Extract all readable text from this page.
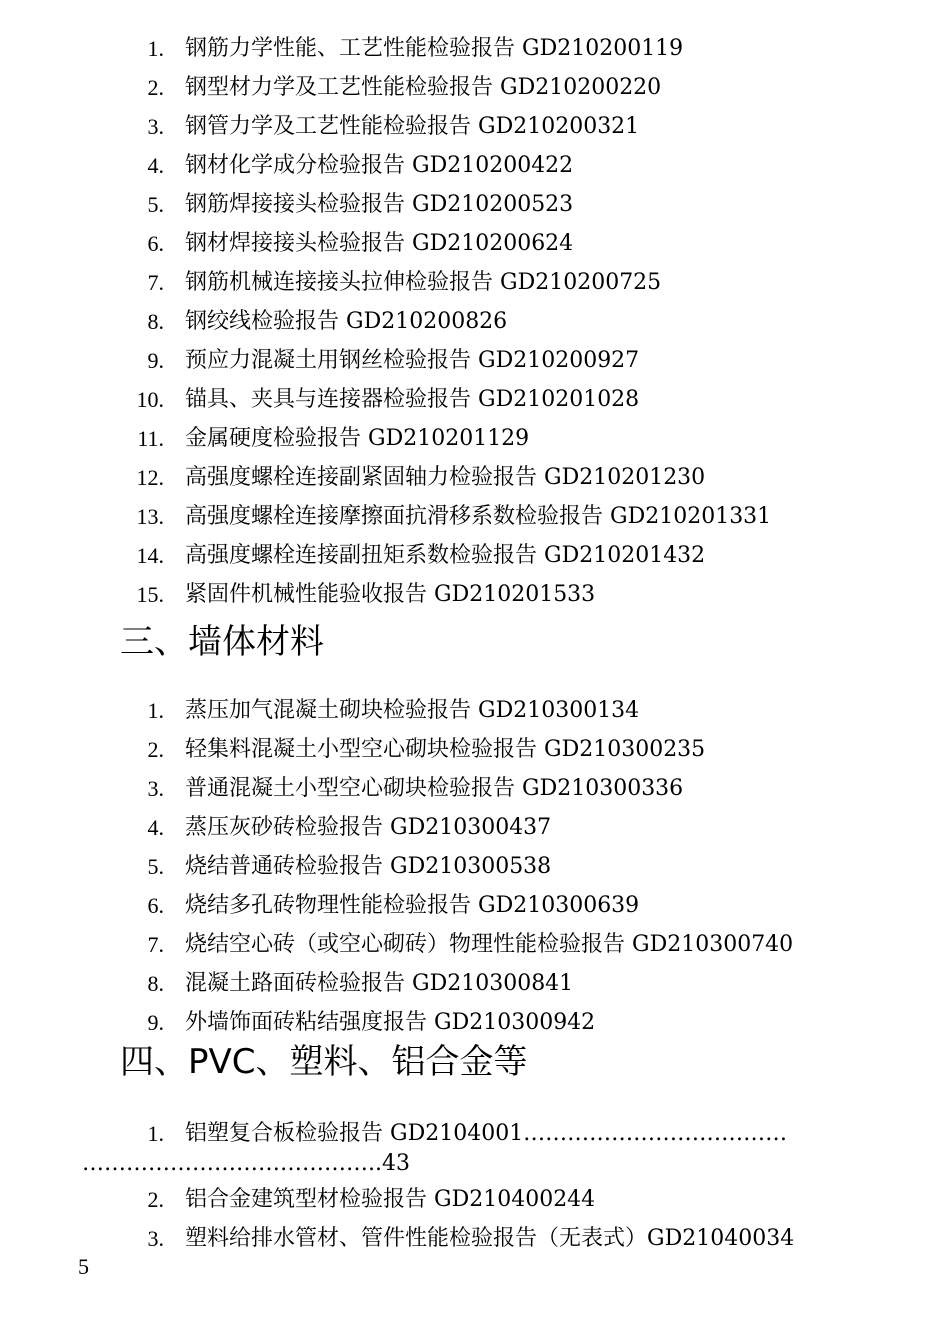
1. 钢筋力学性能、工艺性能检验报告 GD210200119
2. 钢型材力学及工艺性能检验报告 GD210200220
3. 钢管力学及工艺性能检验报告 GD210200321
4. 钢材化学成分检验报告 GD210200422
5. 钢筋焊接接头检验报告 GD210200523
6. 钢材焊接接头检验报告 GD210200624
7. 钢筋机械连接接头拉伸检验报告 GD210200725
8. 钢绞线检验报告 GD210200826
9. 预应力混凝土用钢丝检验报告 GD210200927
10. 锚具、夹具与连接器检验报告 GD210201028
11. 金属硬度检验报告 GD210201129
12. 高强度螺栓连接副紧固轴力检验报告 GD210201230
13. 高强度螺栓连接摩擦面抗滑移系数检验报告 GD210201331
14. 高强度螺栓连接副扭矩系数检验报告 GD210201432
15. 紧固件机械性能验收报告 GD210201533
三、墙体材料
1. 蒸压加气混凝土砌块检验报告 GD210300134
2. 轻集料混凝土小型空心砌块检验报告 GD210300235
3. 普通混凝土小型空心砌块检验报告 GD210300336
4. 蒸压灰砂砖检验报告 GD210300437
5. 烧结普通砖检验报告 GD210300538
6. 烧结多孔砖物理性能检验报告 GD210300639
7. 烧结空心砖（或空心砌砖）物理性能检验报告 GD210300740
8. 混凝土路面砖检验报告 GD210300841
9. 外墙饰面砖粘结强度报告 GD210300942
四、PVC、塑料、铝合金等
1. 铝塑复合板检验报告 GD2104001………………………………
…………………………………..43
2. 铝合金建筑型材检验报告 GD210400244
3. 塑料给排水管材、管件性能检验报告（无表式）GD21040034
5
